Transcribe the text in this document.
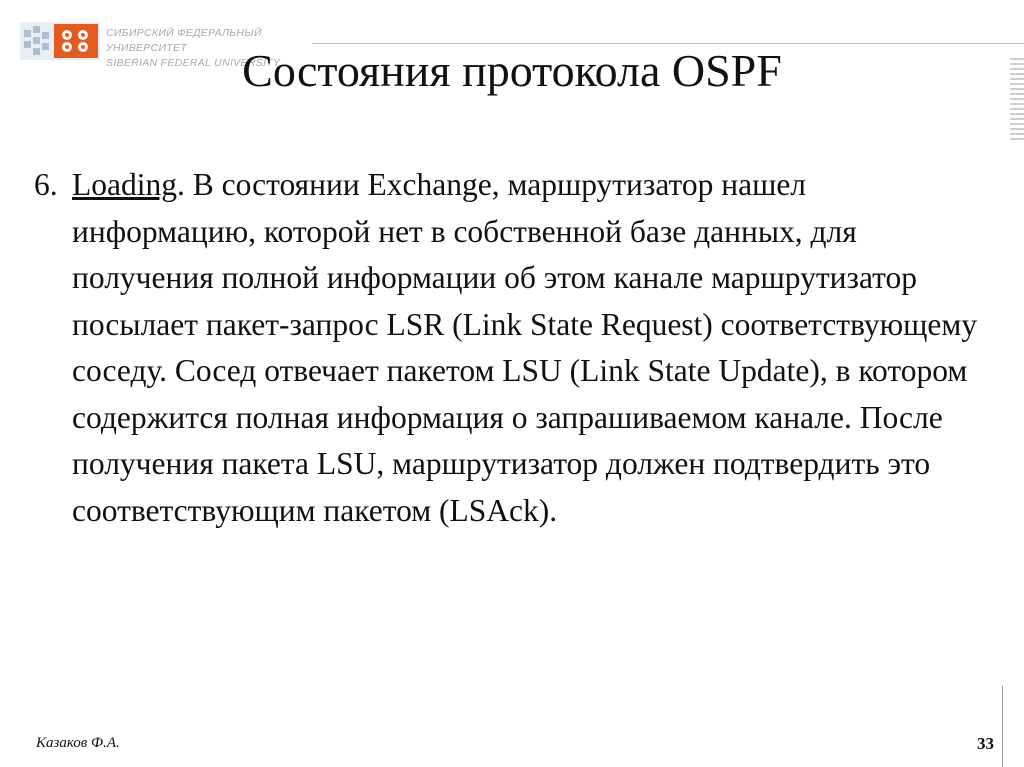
СИБИРСКИЙ ФЕДЕРАЛЬНЫЙ УНИВЕРСИТЕТ
SIBERIAN FEDERAL UNIVERSITY
Состояния протокола OSPF
6. Loading. В состоянии Exchange, маршрутизатор нашел информацию, которой нет в собственной базе данных, для получения полной информации об этом канале маршрутизатор посылает пакет-запрос LSR (Link State Request) соответствующему соседу. Сосед отвечает пакетом LSU (Link State Update), в котором содержится полная информация о запрашиваемом канале. После получения пакета LSU, маршрутизатор должен подтвердить это соответствующим пакетом (LSAck).
Казаков Ф.А.	33
